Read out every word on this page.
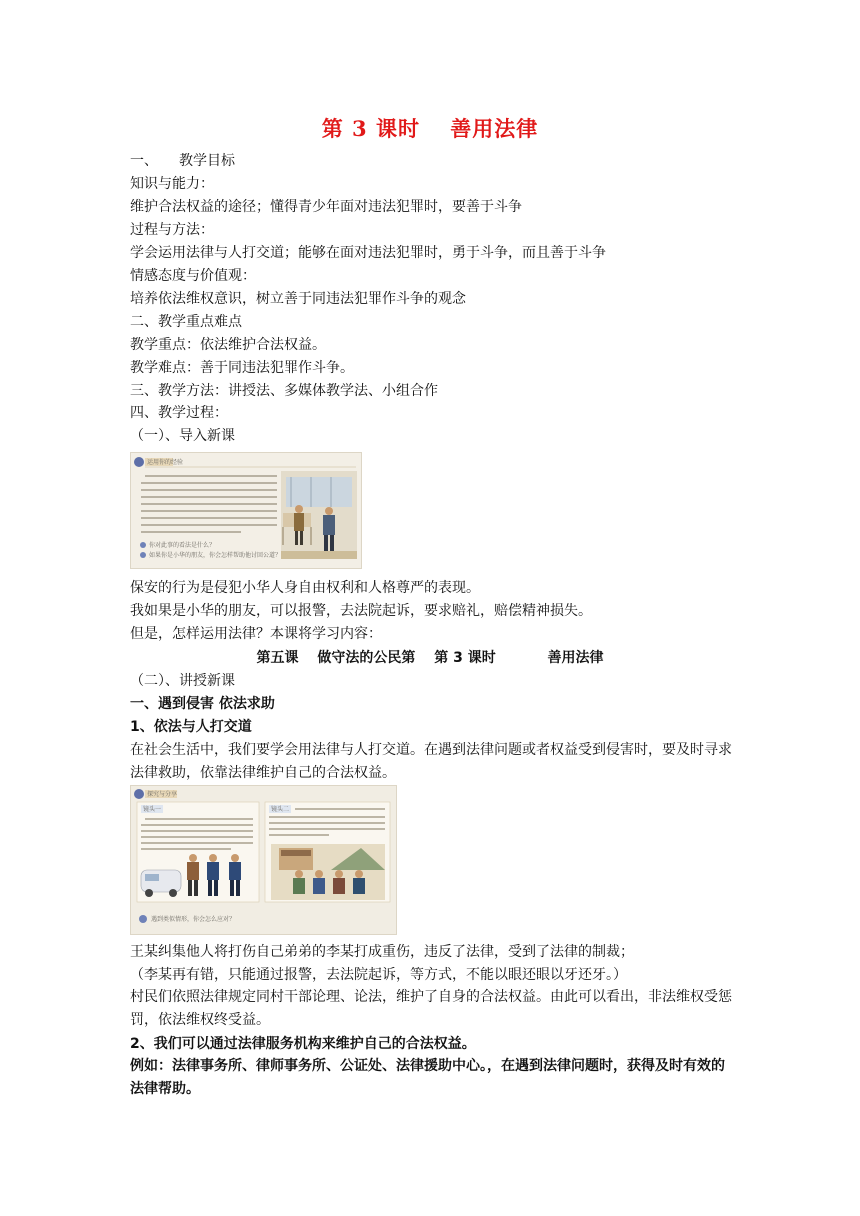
第 3 课时　 善用法律
一、　　教学目标
知识与能力：
维护合法权益的途径；懂得青少年面对违法犯罪时，要善于斗争
过程与方法：
学会运用法律与人打交道；能够在面对违法犯罪时，勇于斗争，而且善于斗争
情感态度与价值观：
培养依法维权意识，树立善于同违法犯罪作斗争的观念
二、教学重点难点
教学重点：依法维护合法权益。
教学难点：善于同违法犯罪作斗争。
三、教学方法：讲授法、多媒体教学法、小组合作
四、教学过程：
（一）、导入新课
运用你的经验
你对此事的看法是什么？
如果你是小华的朋友，你会怎样帮助他讨回公道？
保安的行为是侵犯小华人身自由权利和人格尊严的表现。
我如果是小华的朋友，可以报警，去法院起诉，要求赔礼，赔偿精神损失。
但是，怎样运用法律？本课将学习内容：
第五课　 做守法的公民第　 第 3 课时	善用法律
（二）、讲授新课
一、遇到侵害 依法求助
1、依法与人打交道
在社会生活中，我们要学会用法律与人打交道。在遇到法律问题或者权益受到侵害时，要及时寻求法律救助，依靠法律维护自己的合法权益。
探究与分享
镜头一	镜头二
遇到类似情形，你会怎么应对？
王某纠集他人将打伤自己弟弟的李某打成重伤，违反了法律，受到了法律的制裁；
（李某再有错，只能通过报警，去法院起诉，等方式，不能以眼还眼以牙还牙。）
村民们依照法律规定同村干部论理、论法，维护了自身的合法权益。由此可以看出，非法维权受惩罚，依法维权终受益。
2、我们可以通过法律服务机构来维护自己的合法权益。
例如：法律事务所、律师事务所、公证处、法律援助中心。，在遇到法律问题时，获得及时有效的法律帮助。
